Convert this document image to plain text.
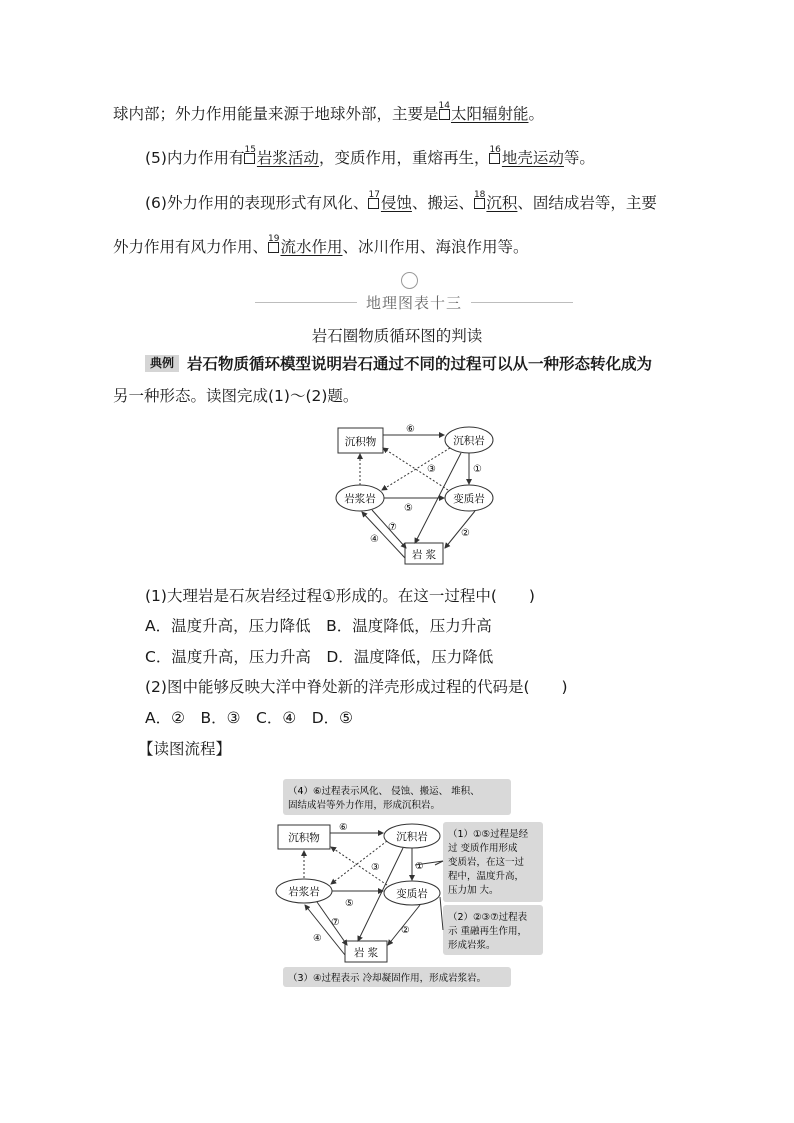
球内部；外力作用能量来源于地球外部，主要是$^{14}$太阳辐射能。
(5)内力作用有$^{15}$岩浆活动，变质作用，重熔再生，$^{16}$地壳运动等。
(6)外力作用的表现形式有风化、$^{17}$侵蚀、搬运、$^{18}$沉积、固结成岩等，主要
外力作用有风力作用、$^{19}$流水作用、冰川作用、海浪作用等。
地理图表十三
岩石圈物质循环图的判读
典例 岩石物质循环模型说明岩石通过不同的过程可以从一种形态转化成为
另一种形态。读图完成(1)～(2)题。
沉积物	沉积岩
岩浆岩	变质岩
岩 浆
⑥
①
⑤
③
②
⑦
④
(1)大理岩是石灰岩经过程①形成的。在这一过程中( )
A．温度升高，压力降低　B．温度降低，压力升高
C．温度升高，压力升高　D．温度降低，压力降低
(2)图中能够反映大洋中脊处新的洋壳形成过程的代码是( )
A．②　B．③　C．④　D．⑤
【读图流程】
（4）⑥过程表示风化、 侵蚀、搬运、 堆积、
固结成岩等外力作用，形成沉积岩。
（1）①⑤过程是经
过 变质作用形成
变质岩，在这一过
程中，温度升高，
压力加 大。
（2）②③⑦过程表
示 重融再生作用，
形成岩浆。
（3）④过程表示 冷却凝固作用，形成岩浆岩。
沉积物	沉积岩
岩浆岩	变质岩
岩 浆
⑥
①
⑤
③
②
⑦
④
